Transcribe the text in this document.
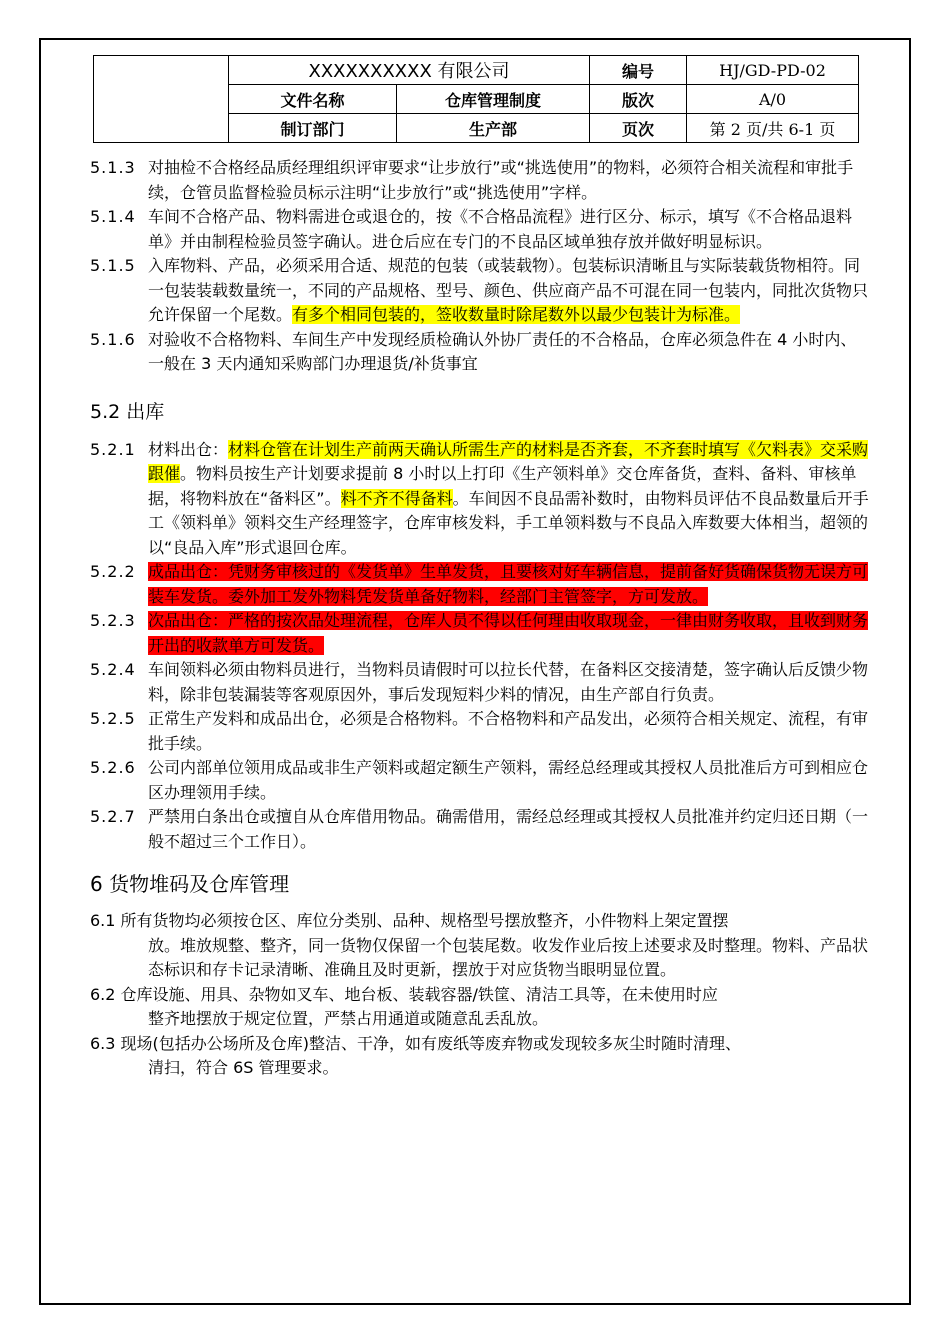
	XXXXXXXXXX 有限公司		编号	HJ/GD-PD-02
	文件名称	仓库管理制度	版次	A/0
	制订部门	生产部	页次	第 2 页/共 6-1 页
5.1.3 对抽检不合格经品质经理组织评审要求“让步放行”或“挑选使用”的物料，必须符合相关流程和审批手续，仓管员监督检验员标示注明“让步放行”或“挑选使用”字样。
5.1.4 车间不合格产品、物料需进仓或退仓的，按《不合格品流程》进行区分、标示，填写《不合格品退料单》并由制程检验员签字确认。进仓后应在专门的不良品区域单独存放并做好明显标识。
5.1.5 入库物料、产品，必须采用合适、规范的包装（或装载物）。包装标识清晰且与实际装载货物相符。同一包装装载数量统一，不同的产品规格、型号、颜色、供应商产品不可混在同一包装内，同批次货物只允许保留一个尾数。有多个相同包装的，签收数量时除尾数外以最少包装计为标准。
5.1.6 对验收不合格物料、车间生产中发现经质检确认外协厂责任的不合格品，仓库必须急件在 4 小时内、一般在 3 天内通知采购部门办理退货/补货事宜
5.2 出库
5.2.1 材料出仓：材料仓管在计划生产前两天确认所需生产的材料是否齐套，不齐套时填写《欠料表》交采购跟催。物料员按生产计划要求提前 8 小时以上打印《生产领料单》交仓库备货，查料、备料、审核单据，将物料放在“备料区”。料不齐不得备料。车间因不良品需补数时，由物料员评估不良品数量后开手工《领料单》领料交生产经理签字，仓库审核发料，手工单领料数与不良品入库数要大体相当，超领的以“良品入库”形式退回仓库。
5.2.2 成品出仓：凭财务审核过的《发货单》生单发货，且要核对好车辆信息，提前备好货确保货物无误方可装车发货。委外加工发外物料凭发货单备好物料，经部门主管签字，方可发放。
5.2.3 次品出仓：严格的按次品处理流程，仓库人员不得以任何理由收取现金，一律由财务收取，且收到财务开出的收款单方可发货。
5.2.4 车间领料必须由物料员进行，当物料员请假时可以拉长代替，在备料区交接清楚，签字确认后反馈少物料，除非包装漏装等客观原因外，事后发现短料少料的情况，由生产部自行负责。
5.2.5 正常生产发料和成品出仓，必须是合格物料。不合格物料和产品发出，必须符合相关规定、流程，有审批手续。
5.2.6 公司内部单位领用成品或非生产领料或超定额生产领料，需经总经理或其授权人员批准后方可到相应仓区办理领用手续。
5.2.7 严禁用白条出仓或擅自从仓库借用物品。确需借用，需经总经理或其授权人员批准并约定归还日期（一般不超过三个工作日）。
6 货物堆码及仓库管理
6.1 所有货物均必须按仓区、库位分类别、品种、规格型号摆放整齐，小件物料上架定置摆
放。堆放规整、整齐，同一货物仅保留一个包装尾数。收发作业后按上述要求及时整理。物料、产品状态标识和存卡记录清晰、准确且及时更新，摆放于对应货物当眼明显位置。
6.2 仓库设施、用具、杂物如叉车、地台板、装载容器/铁筐、清洁工具等，在未使用时应
整齐地摆放于规定位置，严禁占用通道或随意乱丢乱放。
6.3 现场(包括办公场所及仓库)整洁、干净，如有废纸等废弃物或发现较多灰尘时随时清理、
清扫，符合 6S 管理要求。
